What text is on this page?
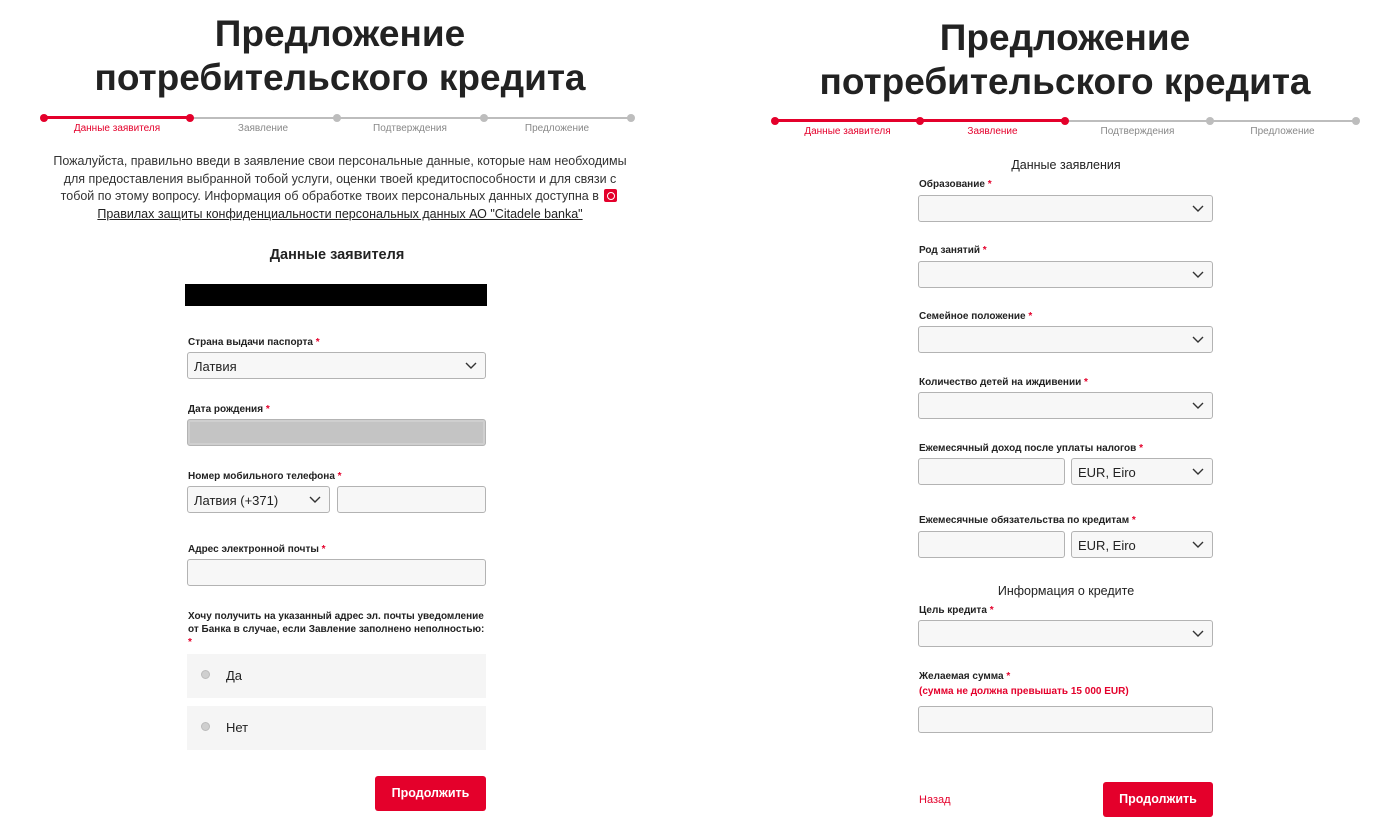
Предложение
потребительского кредита
Данные заявителя	Заявление	Подтверждения	Предложение
Пожалуйста, правильно введи в заявление свои персональные данные, которые нам необходимы для предоставления выбранной тобой услуги, оценки твоей кредитоспособности и для связи с тобой по этому вопросу. Информация об обработке твоих персональных данных доступна в  Правилах защиты конфиденциальности персональных данных АО "Citadele banka"
Данные заявителя
Страна выдачи паспорта *
Латвия
Дата рождения *
Номер мобильного телефона *
Латвия (+371)
Адрес электронной почты *
Хочу получить на указанный адрес эл. почты уведомление от Банка в случае, если Завление заполнено неполностью:
*
Да
Нет
Продолжить
Предложение
потребительского кредита
Данные заявителя	Заявление	Подтверждения	Предложение
Данные заявления
Образование *
Род занятий *
Семейное положение *
Количество детей на иждивении *
Ежемесячный доход после уплаты налогов *
EUR, Eiro
Ежемесячные обязательства по кредитам *
EUR, Eiro
Информация о кредите
Цель кредита *
Желаемая сумма *
(сумма не должна превышать 15 000 EUR)
Назад	Продолжить
